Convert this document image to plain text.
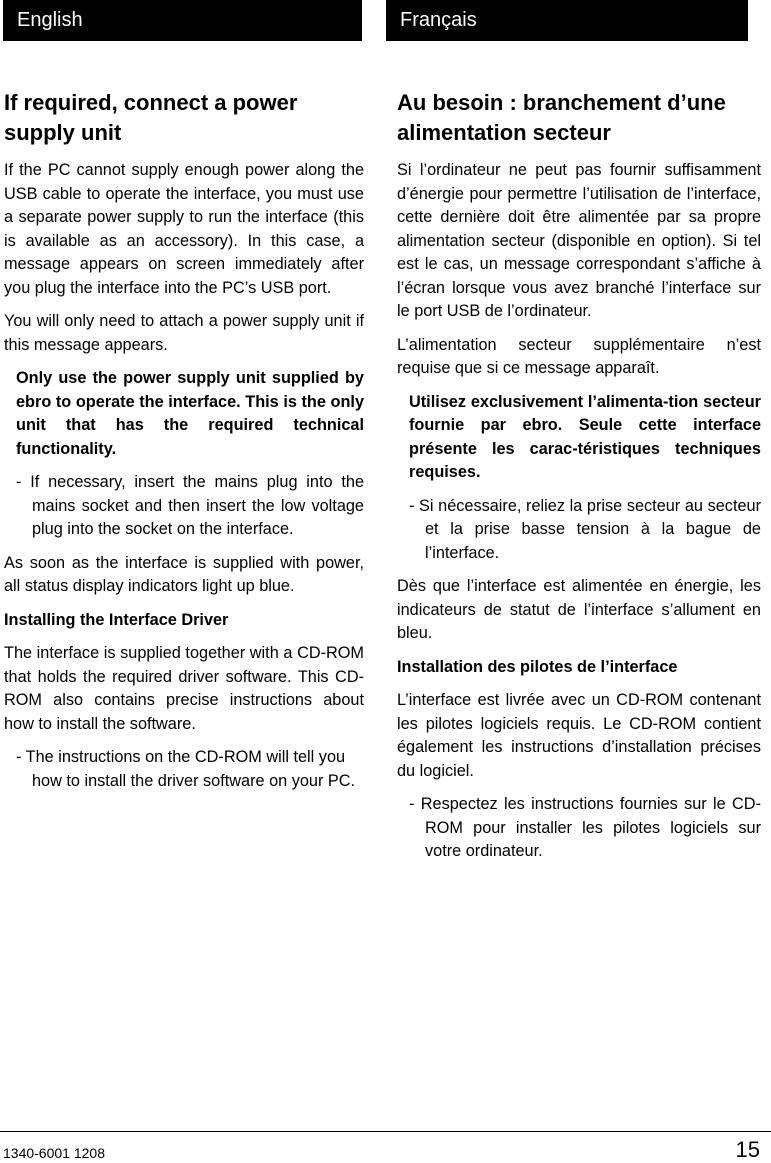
English	Français
If required, connect a power supply unit

If the PC cannot supply enough power along the USB cable to operate the interface, you must use a separate power supply to run the interface (this is available as an accessory). In this case, a message appears on screen immediately after you plug the interface into the PC’s USB port.

You will only need to attach a power supply unit if this message appears.

Only use the power supply unit supplied by ebro to operate the interface. This is the only unit that has the required technical functionality.

- If necessary, insert the mains plug into the mains socket and then insert the low voltage plug into the socket on the interface.

As soon as the interface is supplied with power, all status display indicators light up blue.

Installing the Interface Driver

The interface is supplied together with a CD-ROM that holds the required driver software. This CD-ROM also contains precise instructions about how to install the software.

- The instructions on the CD-ROM will tell you how to install the driver software on your PC.

Au besoin : branchement d’une alimentation secteur

Si l’ordinateur ne peut pas fournir suffisamment d’énergie pour permettre l’utilisation de l’interface, cette dernière doit être alimentée par sa propre alimentation secteur (disponible en option). Si tel est le cas, un message correspondant s’affiche à l’écran lorsque vous avez branché l’interface sur le port USB de l’ordinateur.

L’alimentation secteur supplémentaire n’est requise que si ce message apparaît.

Utilisez exclusivement l’alimenta-tion secteur fournie par ebro. Seule cette interface présente les carac-téristiques techniques requises.

- Si nécessaire, reliez la prise secteur au secteur et la prise basse tension à la bague de l’interface.

Dès que l’interface est alimentée en énergie, les indicateurs de statut de l’interface s’allument en bleu.

Installation des pilotes de l’interface

L’interface est livrée avec un CD-ROM contenant les pilotes logiciels requis. Le CD-ROM contient également les instructions d’installation précises du logiciel.

- Respectez les instructions fournies sur le CD-ROM pour installer les pilotes logiciels sur votre ordinateur.

1340-6001 1208	15
